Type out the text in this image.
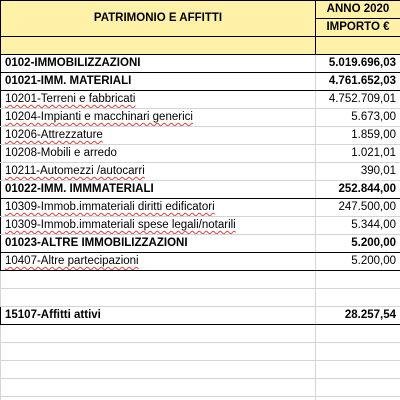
PATRIMONIO E AFFITTI	ANNO 2020
	IMPORTO €

0102-IMMOBILIZZAZIONI	5.019.696,03
01021-IMM. MATERIALI	4.761.652,03
10201-Terreni e fabbricati	4.752.709,01
10204-Impianti e macchinari generici	5.673,00
10206-Attrezzature	1.859,00
10208-Mobili e arredo	1.021,01
10211-Automezzi /autocarri	390,01
01022-IMM. IMMMATERIALI	252.844,00
10309-Immob.immateriali diritti edificatori	247.500,00
10309-Immob.immateriali spese legali/notarili	5.344,00
01023-ALTRE IMMOBILIZZAZIONI	5.200,00
10407-Altre partecipazioni	5.200,00

15107-Affitti attivi	28.257,54
